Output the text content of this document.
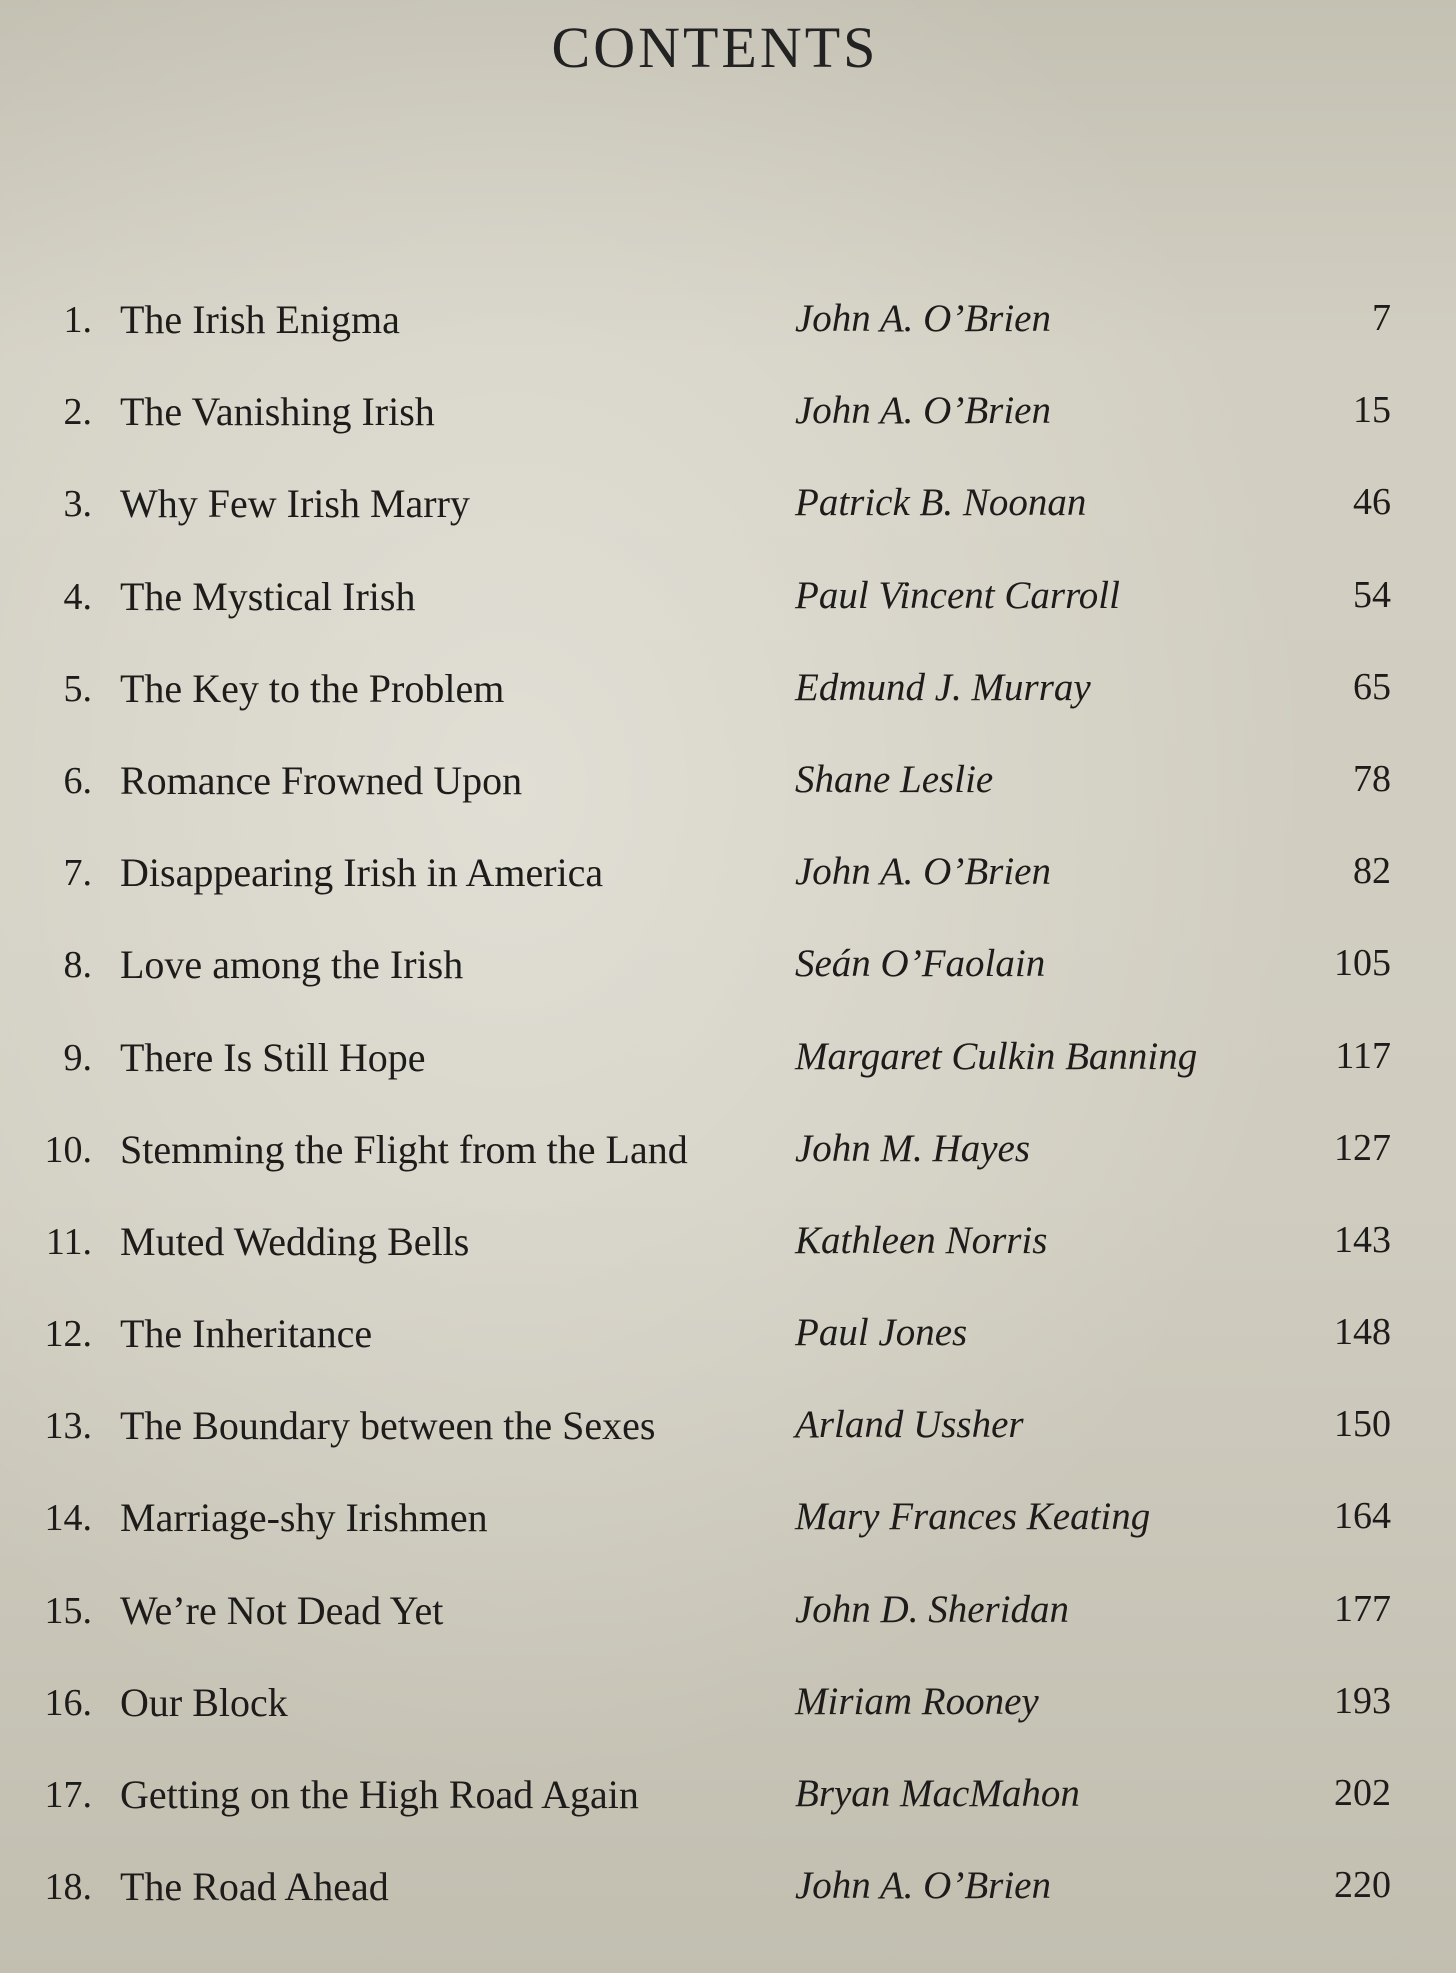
CONTENTS
1. The Irish Enigma	John A. O’Brien	7
2. The Vanishing Irish	John A. O’Brien	15
3. Why Few Irish Marry	Patrick B. Noonan	46
4. The Mystical Irish	Paul Vincent Carroll	54
5. The Key to the Problem	Edmund J. Murray	65
6. Romance Frowned Upon	Shane Leslie	78
7. Disappearing Irish in America	John A. O’Brien	82
8. Love among the Irish	Seán O’Faolain	105
9. There Is Still Hope	Margaret Culkin Banning	117
10. Stemming the Flight from the Land	John M. Hayes	127
11. Muted Wedding Bells	Kathleen Norris	143
12. The Inheritance	Paul Jones	148
13. The Boundary between the Sexes	Arland Ussher	150
14. Marriage-shy Irishmen	Mary Frances Keating	164
15. We’re Not Dead Yet	John D. Sheridan	177
16. Our Block	Miriam Rooney	193
17. Getting on the High Road Again	Bryan MacMahon	202
18. The Road Ahead	John A. O’Brien	220
